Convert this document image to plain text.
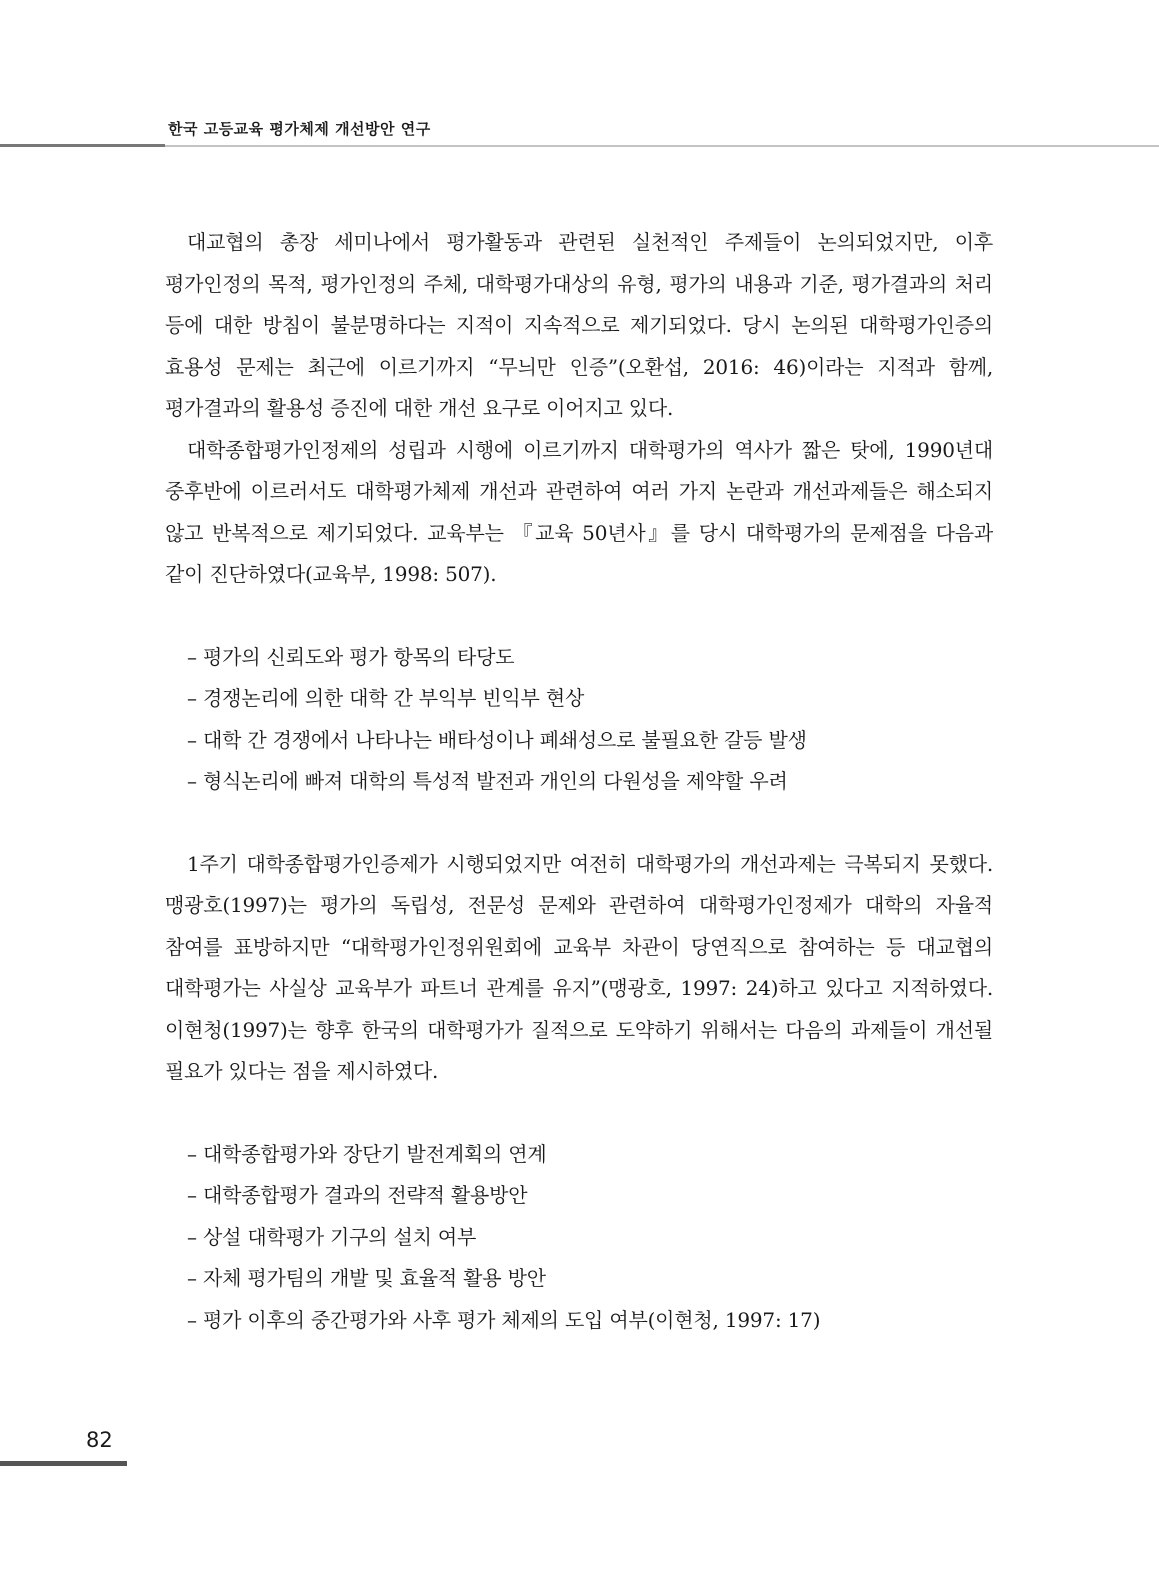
한국 고등교육 평가체제 개선방안 연구

대교협의 총장 세미나에서 평가활동과 관련된 실천적인 주제들이 논의되었지만, 이후 평가인정의 목적, 평가인정의 주체, 대학평가대상의 유형, 평가의 내용과 기준, 평가결과의 처리 등에 대한 방침이 불분명하다는 지적이 지속적으로 제기되었다. 당시 논의된 대학평가인증의 효용성 문제는 최근에 이르기까지 “무늬만 인증”(오환섭, 2016: 46)이라는 지적과 함께, 평가결과의 활용성 증진에 대한 개선 요구로 이어지고 있다.

대학종합평가인정제의 성립과 시행에 이르기까지 대학평가의 역사가 짧은 탓에, 1990년대 중후반에 이르러서도 대학평가체제 개선과 관련하여 여러 가지 논란과 개선과제들은 해소되지 않고 반복적으로 제기되었다. 교육부는 『교육 50년사』를 당시 대학평가의 문제점을 다음과 같이 진단하였다(교육부, 1998: 507).

– 평가의 신뢰도와 평가 항목의 타당도
– 경쟁논리에 의한 대학 간 부익부 빈익부 현상
– 대학 간 경쟁에서 나타나는 배타성이나 폐쇄성으로 불필요한 갈등 발생
– 형식논리에 빠져 대학의 특성적 발전과 개인의 다원성을 제약할 우려

1주기 대학종합평가인증제가 시행되었지만 여전히 대학평가의 개선과제는 극복되지 못했다. 맹광호(1997)는 평가의 독립성, 전문성 문제와 관련하여 대학평가인정제가 대학의 자율적 참여를 표방하지만 “대학평가인정위원회에 교육부 차관이 당연직으로 참여하는 등 대교협의 대학평가는 사실상 교육부가 파트너 관계를 유지”(맹광호, 1997: 24)하고 있다고 지적하였다. 이현청(1997)는 향후 한국의 대학평가가 질적으로 도약하기 위해서는 다음의 과제들이 개선될 필요가 있다는 점을 제시하였다.

– 대학종합평가와 장단기 발전계획의 연계
– 대학종합평가 결과의 전략적 활용방안
– 상설 대학평가 기구의 설치 여부
– 자체 평가팀의 개발 및 효율적 활용 방안
– 평가 이후의 중간평가와 사후 평가 체제의 도입 여부(이현청, 1997: 17)
82
